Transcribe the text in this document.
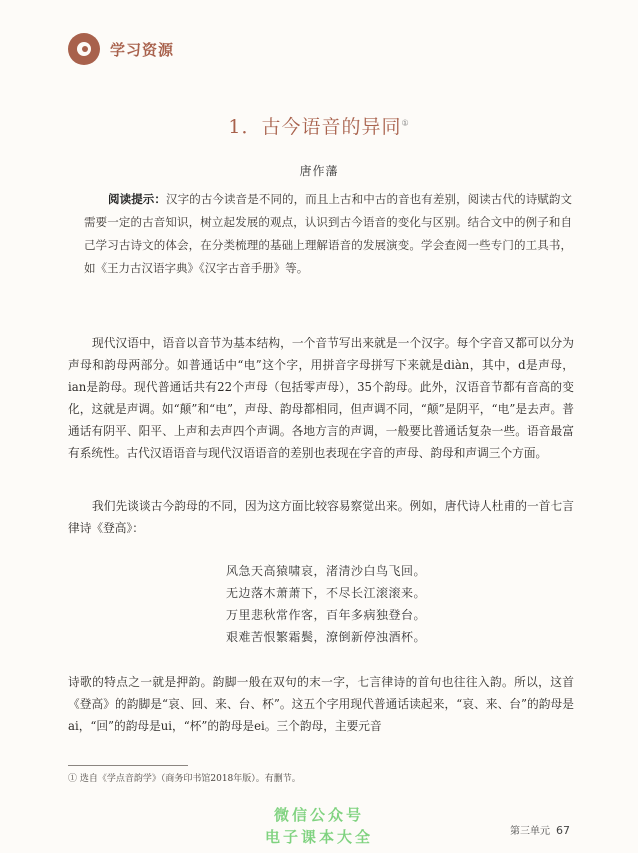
学习资源
1．古今语音的异同①
唐作藩
阅读提示：汉字的古今读音是不同的，而且上古和中古的音也有差别，阅读古代的诗赋韵文需要一定的古音知识，树立起发展的观点，认识到古今语音的变化与区别。结合文中的例子和自己学习古诗文的体会，在分类梳理的基础上理解语音的发展演变。学会查阅一些专门的工具书，如《王力古汉语字典》《汉字古音手册》等。

现代汉语中，语音以音节为基本结构，一个音节写出来就是一个汉字。每个字音又都可以分为声母和韵母两部分。如普通话中“电”这个字，用拼音字母拼写下来就是diàn，其中，d是声母，ian是韵母。现代普通话共有22个声母（包括零声母），35个韵母。此外，汉语音节都有音高的变化，这就是声调。如“颠”和“电”，声母、韵母都相同，但声调不同，“颠”是阴平，“电”是去声。普通话有阴平、阳平、上声和去声四个声调。各地方言的声调，一般要比普通话复杂一些。语音最富有系统性。古代汉语语音与现代汉语语音的差别也表现在字音的声母、韵母和声调三个方面。

我们先谈谈古今韵母的不同，因为这方面比较容易察觉出来。例如，唐代诗人杜甫的一首七言律诗《登高》：

风急天高猿啸哀，渚清沙白鸟飞回。
无边落木萧萧下，不尽长江滚滚来。
万里悲秋常作客，百年多病独登台。
艰难苦恨繁霜鬓，潦倒新停浊酒杯。

诗歌的特点之一就是押韵。韵脚一般在双句的末一字，七言律诗的首句也往往入韵。所以，这首《登高》的韵脚是“哀、回、来、台、杯”。这五个字用现代普通话读起来，“哀、来、台”的韵母是ai，“回”的韵母是ui，“杯”的韵母是ei。三个韵母，主要元音

① 选自《学点音韵学》（商务印书馆2018年版）。有删节。
微信公众号
电子课本大全	第三单元 67
